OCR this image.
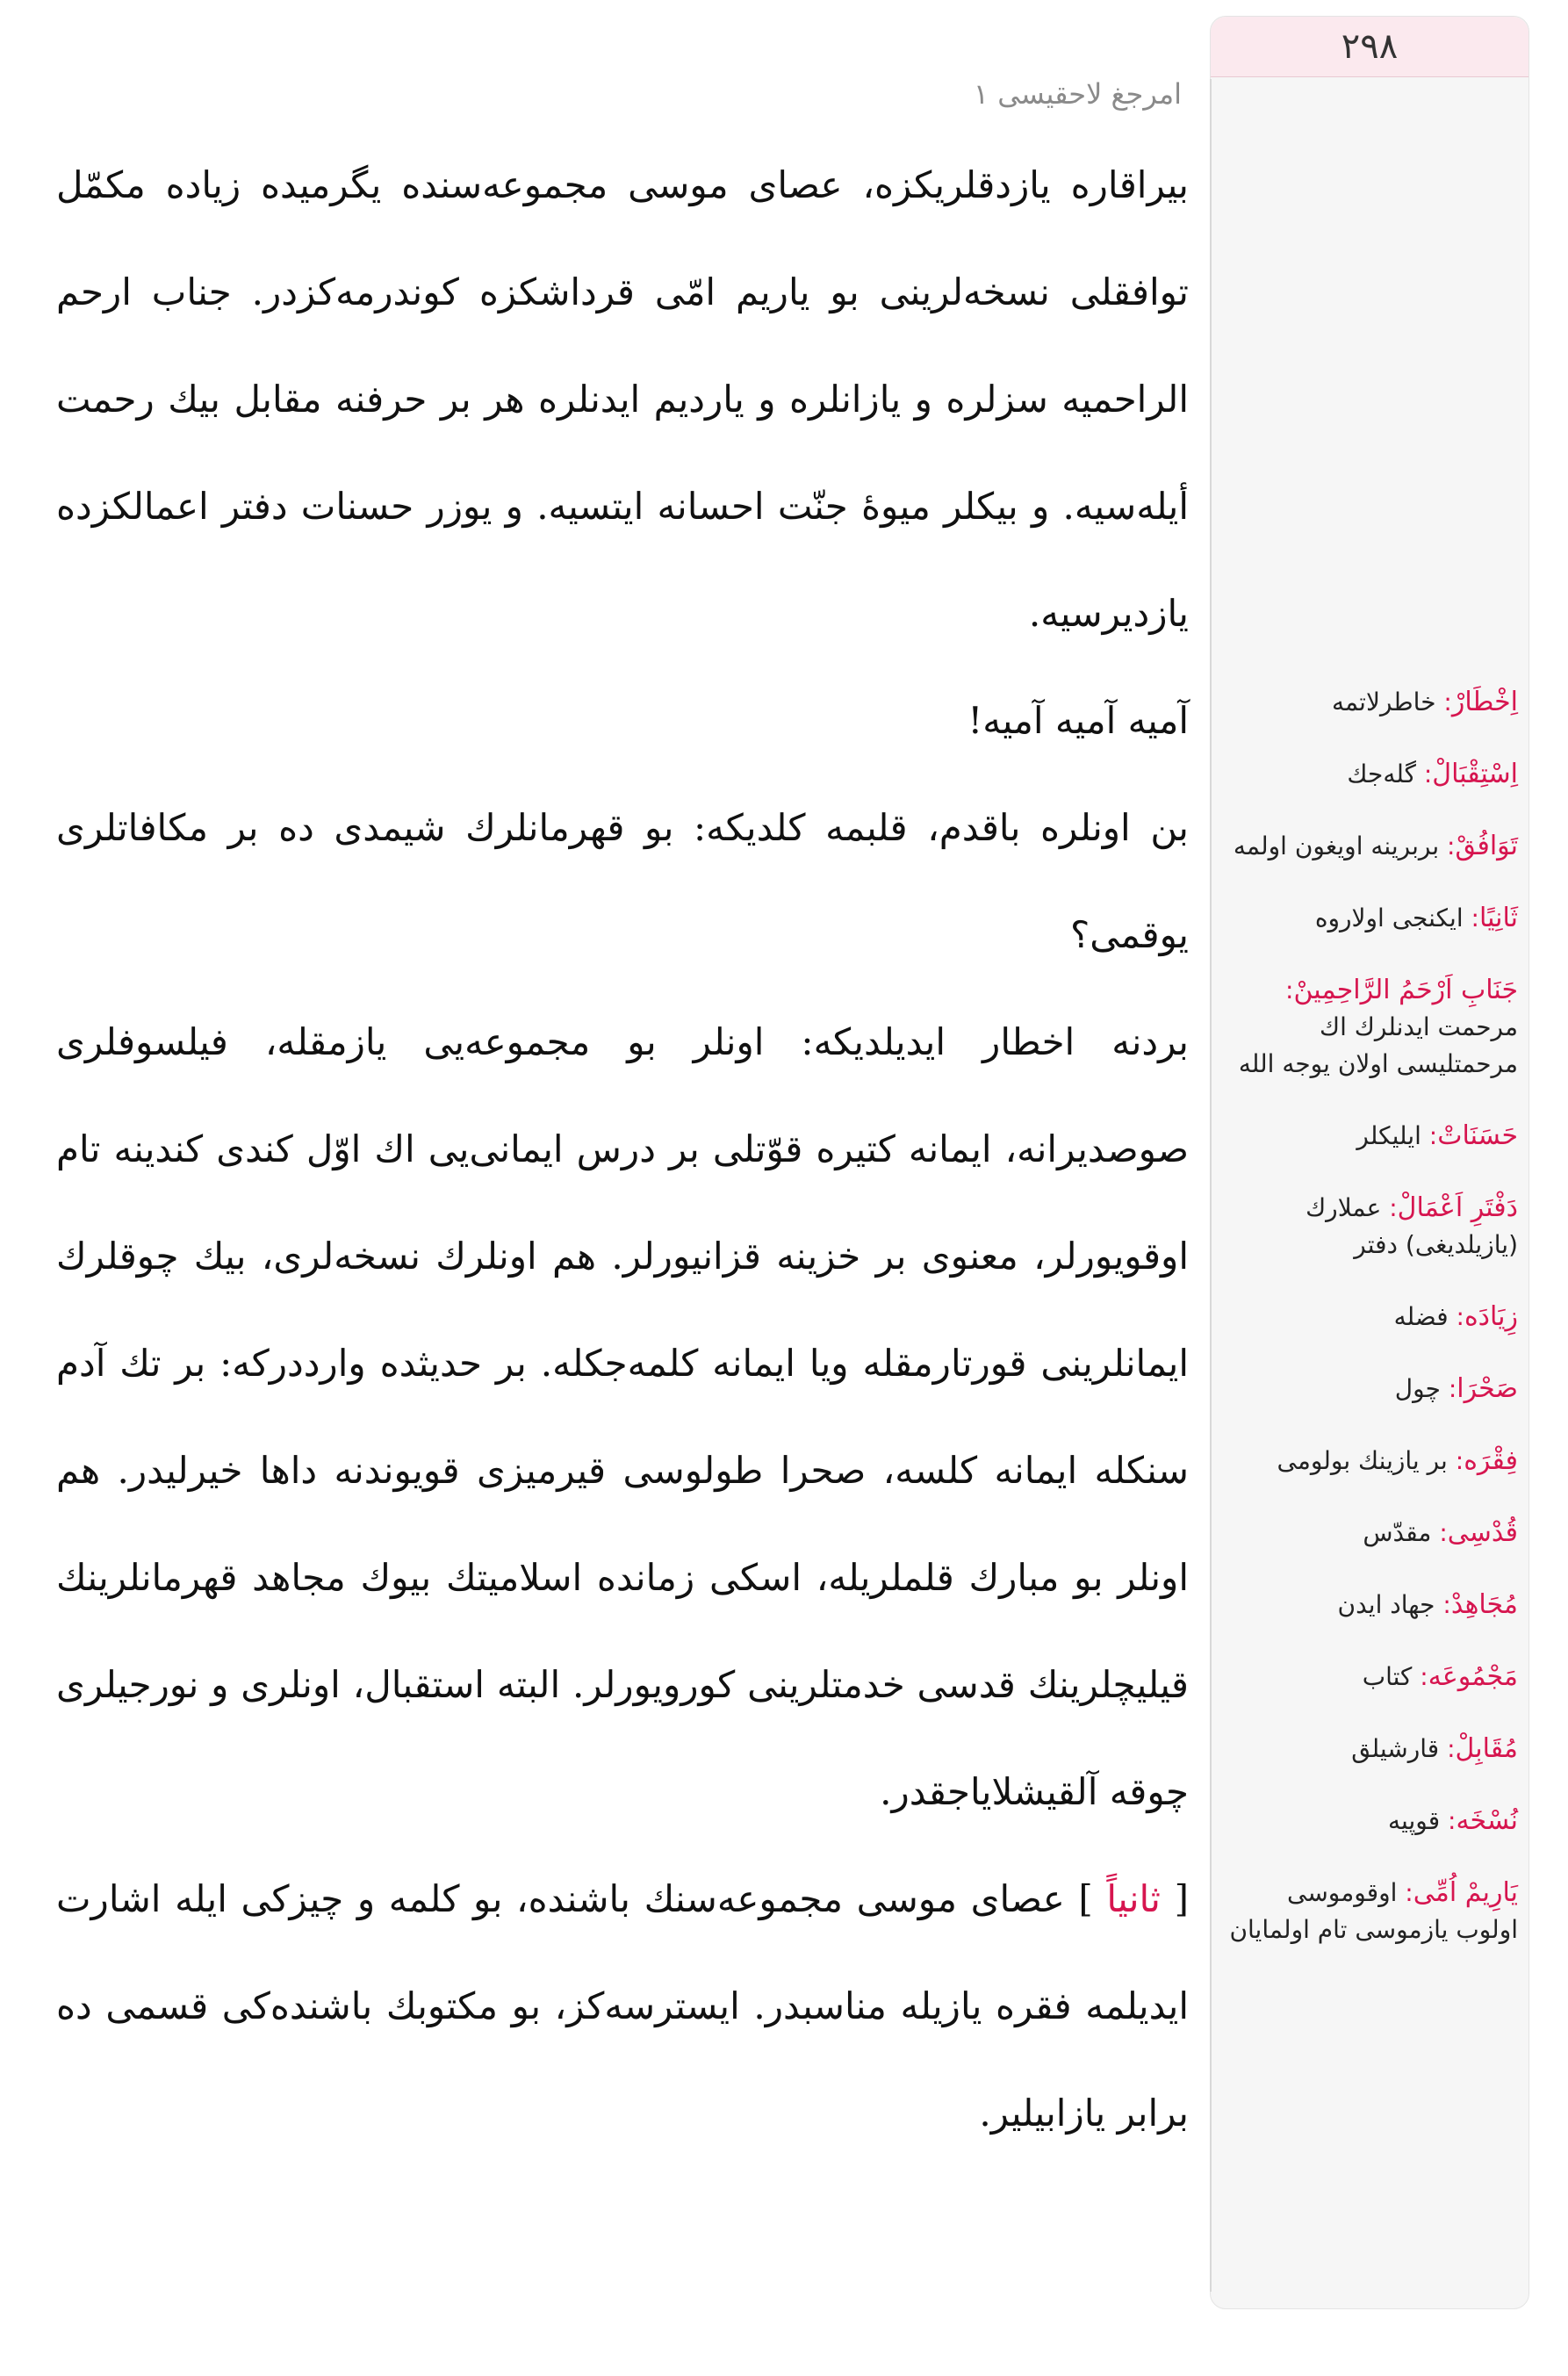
۲۹۸
اِخْطَارْ: خاطرلاتمه
اِسْتِقْبَالْ: گله‌جك
تَوَافُقْ: بربرینه اویغون اولمه
ثَانِيًا: ایکنجی اولاروه
جَنَابِ اَرْحَمُ الرَّاحِمِينْ: مرحمت ایدنلرك اك مرحمتلیسی اولان یوجه الله
حَسَنَاتْ: ایلیکلر
دَفْتَرِ اَعْمَالْ: عملارك (یازیلدیغی) دفتر
زِيَادَه: فضله
صَحْرَا: چول
فِقْرَه: بر یازینك بولومی
قُدْسِى: مقدّس
مُجَاهِدْ: جهاد ایدن
مَجْمُوعَه: کتاب
مُقَابِلْ: قارشیلق
نُسْخَه: قوپیه
يَارِيمْ اُمِّى: اوقوموسی اولوب یازموسی تام اولمایان
امرجغ لاحقیسی ۱

بیراقاره یازدقلریکزه، عصای موسی مجموعه‌سنده یگرمیده زیاده مکمّل توافقلی نسخه‌لرینی بو یاریم امّی قرداشکزه کوندرمه‌کزدر. جناب ارحم الراحمیه سزلره و یازانلره و یاردیم ایدنلره هر بر حرفنه مقابل بیك رحمت أیله‌سیه. و بیکلر میوهٔ جنّت احسانه ایتسیه. و یوزر حسنات دفتر اعمالکزده یازدیرسیه.

آمیه آمیه آمیه!

بن اونلره باقدم، قلبمه کلدیکه: بو قهرمانلرك شیمدی ده بر مکافاتلری یوقمی؟

بردنه اخطار ایدیلدیکه: اونلر بو مجموعه‌یی یازمقله، فیلسوفلری صوصدیرانه، ایمانه کتیره قوّتلی بر درس ایمانی‌یی اك اوّل کندی کندینه تام اوقویورلر، معنوی بر خزینه قزانیورلر. هم اونلرك نسخه‌لری، بیك چوقلرك ایمانلرینی قورتارمقله ویا ایمانه کلمه‌جکله. بر حدیثده وارددرکه: بر تك آدم سنکله ایمانه کلسه، صحرا طولوسی قیرمیزی قویوندنه داها خیرلیدر. هم اونلر بو مبارك قلملریله، اسکی زمانده اسلامیتك بیوك مجاهد قهرمانلرینك قیلیچلرینك قدسی خدمتلرینی کورویورلر. البته استقبال، اونلری و نورجیلری چوقه آلقیشلایاجقدر.

[ ثانیاً ] عصای موسی مجموعه‌سنك باشنده، بو کلمه و چیزکی ایله اشارت ایدیلمه فقره یازیله مناسبدر. ایسترسه‌کز، بو مکتوبك باشنده‌کی قسمی ده برابر یازابیلیر.
